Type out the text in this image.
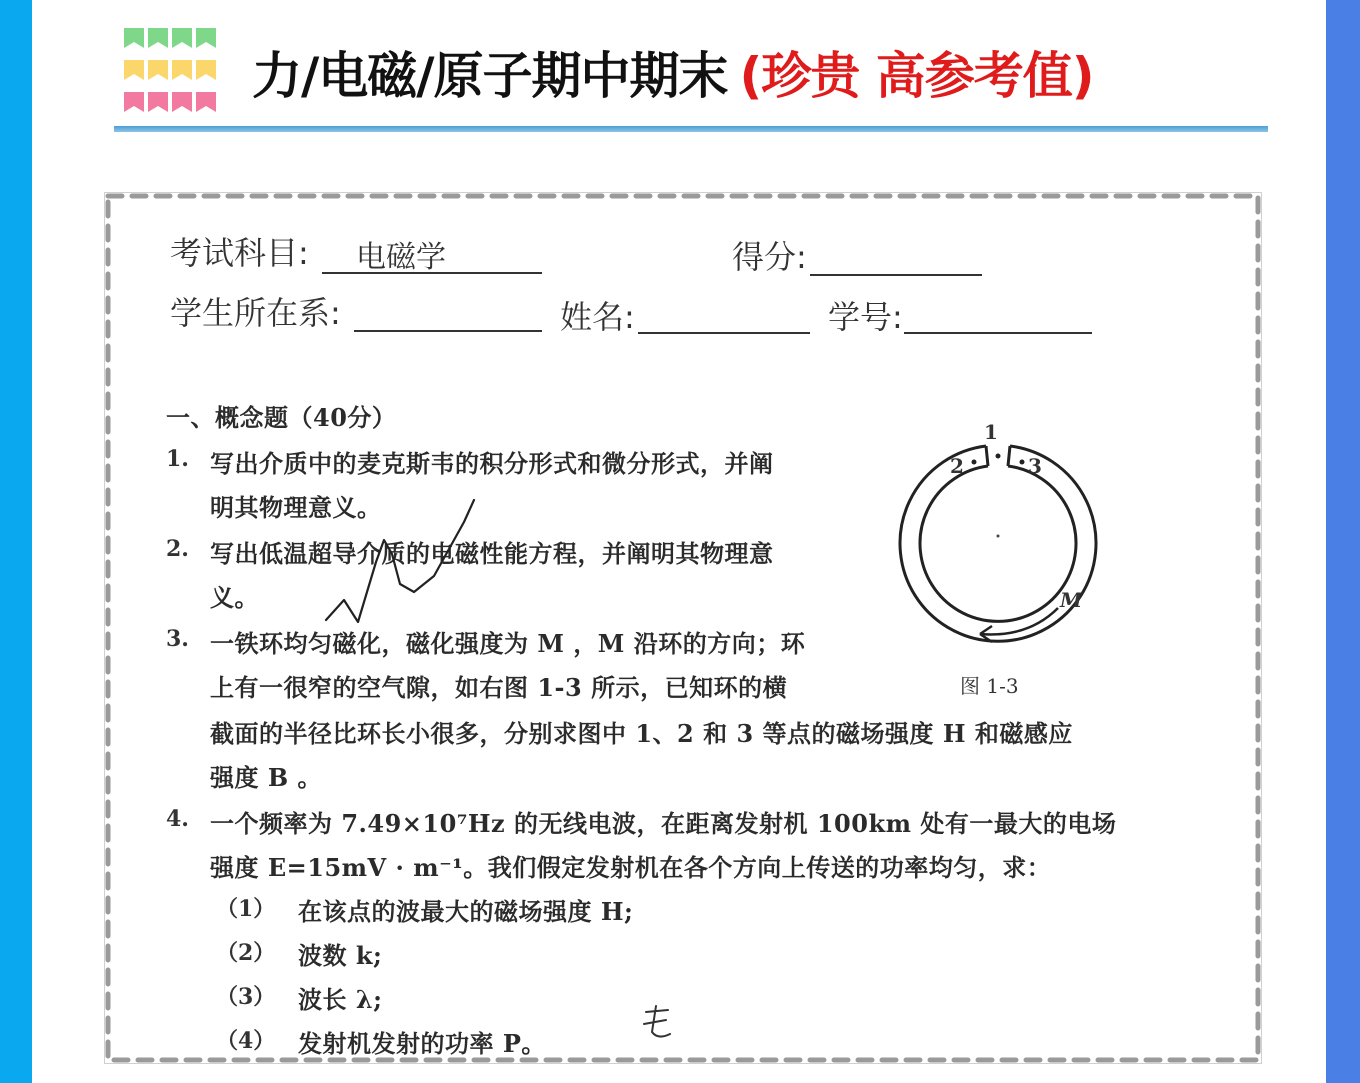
力/电磁/原子期中期末 (珍贵 高参考值)
考试科目: 电磁学	得分:
学生所在系:	姓名:	学号:
一、概念题（40分）
1. 写出介质中的麦克斯韦的积分形式和微分形式，并阐
明其物理意义。
2. 写出低温超导介质的电磁性能方程，并阐明其物理意
义。
3. 一铁环均匀磁化，磁化强度为 M ，M 沿环的方向；环
上有一很窄的空气隙，如右图 1-3 所示，已知环的横
截面的半径比环长小很多，分别求图中 1、2 和 3 等点的磁场强度 H 和磁感应
强度 B 。
4. 一个频率为 7.49×10⁷Hz 的无线电波，在距离发射机 100km 处有一最大的电场
强度 E=15mV · m⁻¹。我们假定发射机在各个方向上传送的功率均匀，求：
（1） 在该点的波最大的磁场强度 H;
（2） 波数 k;
（3） 波长 λ;
（4） 发射机发射的功率 P。
1
2	3
M
图 1-3
